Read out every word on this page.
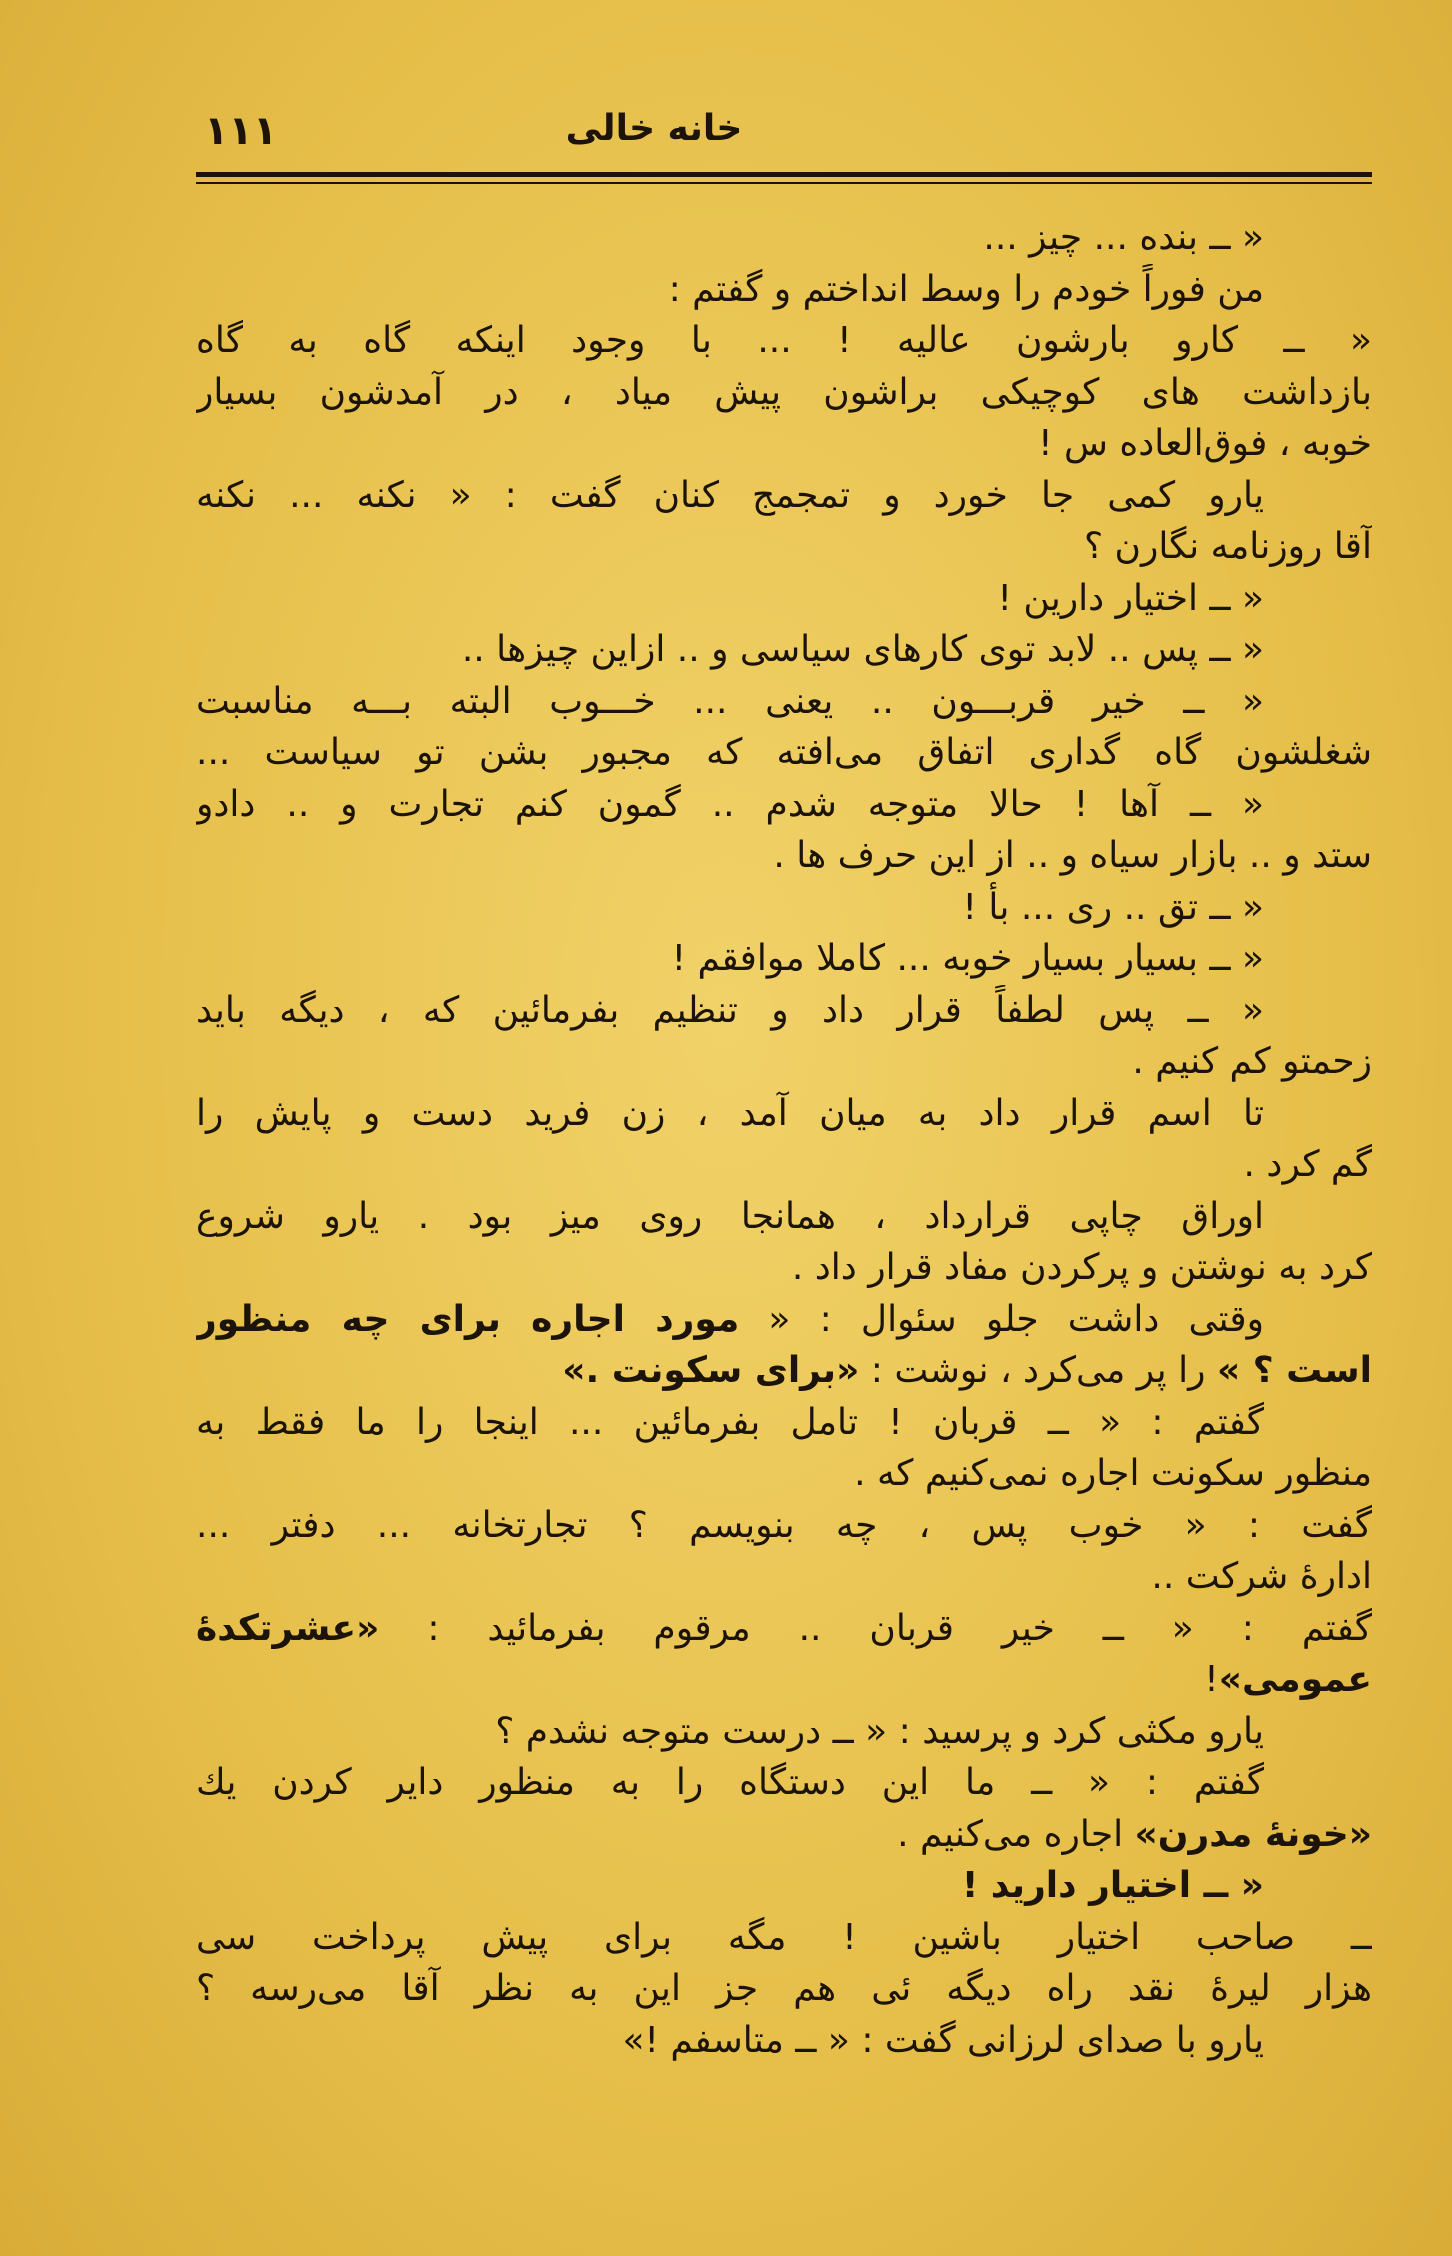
۱۱۱	خانه خالی
« ــ بنده ... چیز ...
من فوراً خودم را وسط انداختم و گفتم :
« ــ کارو بارشون عالیه ! ... با وجود اینکه گاه به گاه
بازداشت های کوچیکی براشون پیش میاد ، در آمدشون بسیار
خوبه ، فوق‌العاده س !
یارو کمی جا خورد و تمجمج کنان گفت : « نکنه ... نکنه
آقا روزنامه نگارن ؟
« ــ اختیار دارین !
« ــ پس .. لابد توی کارهای سیاسی و .. ازاین چیزها ..
« ــ خیر قربـــون .. یعنی ... خـــوب البته بـــه مناسبت
شغلشون گاه گداری اتفاق می‌افته که مجبور بشن تو سیاست ...
« ــ آها ! حالا متوجه شدم .. گمون کنم تجارت و .. دادو
ستد و .. بازار سیاه و .. از این حرف ها .
« ــ تق .. ری ... بأ !
« ــ بسیار بسیار خوبه ... کاملا موافقم !
« ــ پس لطفاً قرار داد و تنظیم بفرمائین که ، دیگه باید
زحمتو کم کنیم .
تا اسم قرار داد به میان آمد ، زن فرید دست و پایش را
گم کرد .
اوراق چاپی قرارداد ، همانجا روی میز بود . یارو شروع
کرد به نوشتن و پرکردن مفاد قرار داد .
وقتی داشت جلو سئوال : « مورد اجاره برای چه منظور
است ؟ » را پر می‌کرد ، نوشت : «برای سکونت .»
گفتم : « ــ قربان ! تامل بفرمائین ... اینجا را ما فقط به
منظور سکونت اجاره نمی‌کنیم که .
گفت : « خوب پس ، چه بنویسم ؟ تجارتخانه ... دفتر ...
ادارهٔ شرکت ..
گفتم : « ــ خیر قربان .. مرقوم بفرمائید : «عشرتکدهٔ
عمومی»!
یارو مکثی کرد و پرسید : « ــ درست متوجه نشدم ؟
گفتم : « ــ ما این دستگاه را به منظور دایر کردن یك
«خونهٔ مدرن» اجاره می‌کنیم .
« ــ اختیار دارید !
ــ صاحب اختیار باشین ! مگه برای پیش پرداخت سی
هزار لیرهٔ نقد راه دیگه ئی هم جز این به نظر آقا می‌رسه ؟
یارو با صدای لرزانی گفت : « ــ متاسفم !»
